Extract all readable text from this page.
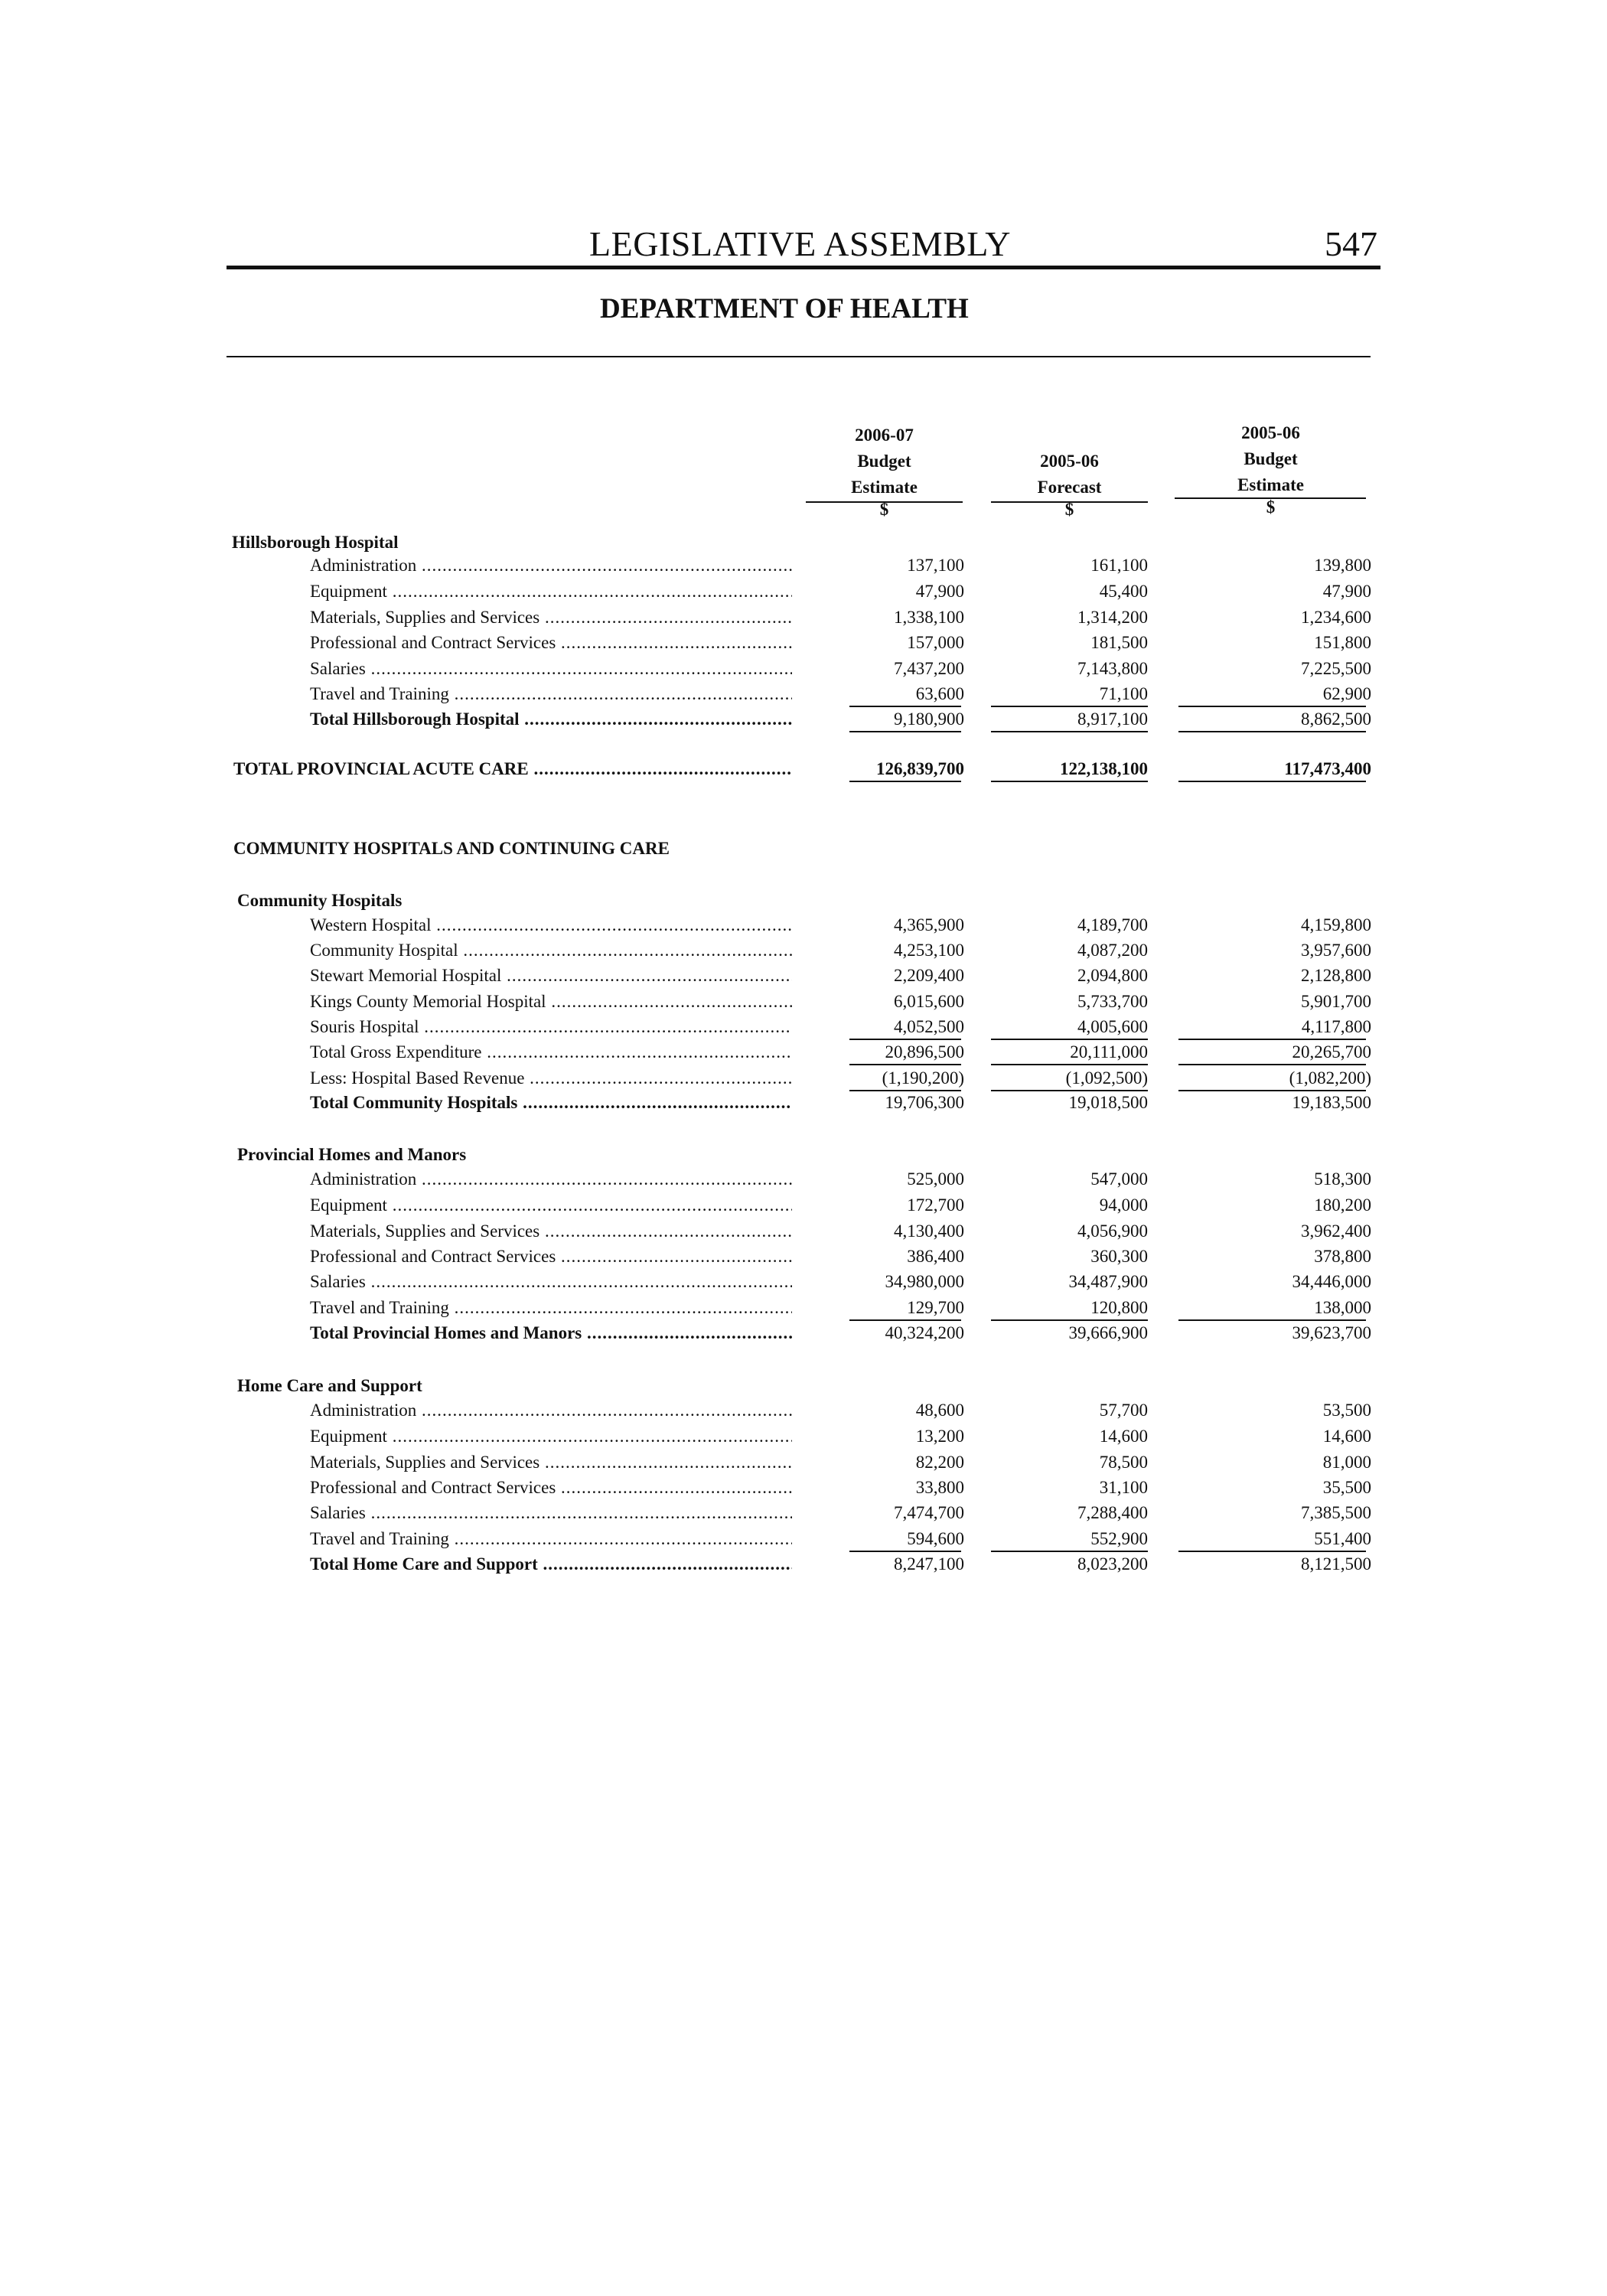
LEGISLATIVE ASSEMBLY	547
DEPARTMENT OF HEALTH
2006-07
Budget
Estimate
2005-06
Forecast
2005-06
Budget
Estimate
$	$	$
Hillsborough Hospital
Administration .....	137,100	161,100	139,800
Equipment .....	47,900	45,400	47,900
Materials, Supplies and Services .....	1,338,100	1,314,200	1,234,600
Professional and Contract Services .....	157,000	181,500	151,800
Salaries .....	7,437,200	7,143,800	7,225,500
Travel and Training .....	63,600	71,100	62,900
Total Hillsborough Hospital .....	9,180,900	8,917,100	8,862,500
TOTAL PROVINCIAL ACUTE CARE .....	126,839,700	122,138,100	117,473,400
COMMUNITY HOSPITALS AND CONTINUING CARE
Community Hospitals
Western Hospital .....	4,365,900	4,189,700	4,159,800
Community Hospital .....	4,253,100	4,087,200	3,957,600
Stewart Memorial Hospital .....	2,209,400	2,094,800	2,128,800
Kings County Memorial Hospital .....	6,015,600	5,733,700	5,901,700
Souris Hospital .....	4,052,500	4,005,600	4,117,800
Total Gross Expenditure .....	20,896,500	20,111,000	20,265,700
Less: Hospital Based Revenue .....	(1,190,200)	(1,092,500)	(1,082,200)
Total Community Hospitals .....	19,706,300	19,018,500	19,183,500
Provincial Homes and Manors
Administration .....	525,000	547,000	518,300
Equipment .....	172,700	94,000	180,200
Materials, Supplies and Services .....	4,130,400	4,056,900	3,962,400
Professional and Contract Services .....	386,400	360,300	378,800
Salaries .....	34,980,000	34,487,900	34,446,000
Travel and Training .....	129,700	120,800	138,000
Total Provincial Homes and Manors .....	40,324,200	39,666,900	39,623,700
Home Care and Support
Administration .....	48,600	57,700	53,500
Equipment .....	13,200	14,600	14,600
Materials, Supplies and Services .....	82,200	78,500	81,000
Professional and Contract Services .....	33,800	31,100	35,500
Salaries .....	7,474,700	7,288,400	7,385,500
Travel and Training .....	594,600	552,900	551,400
Total Home Care and Support .....	8,247,100	8,023,200	8,121,500
